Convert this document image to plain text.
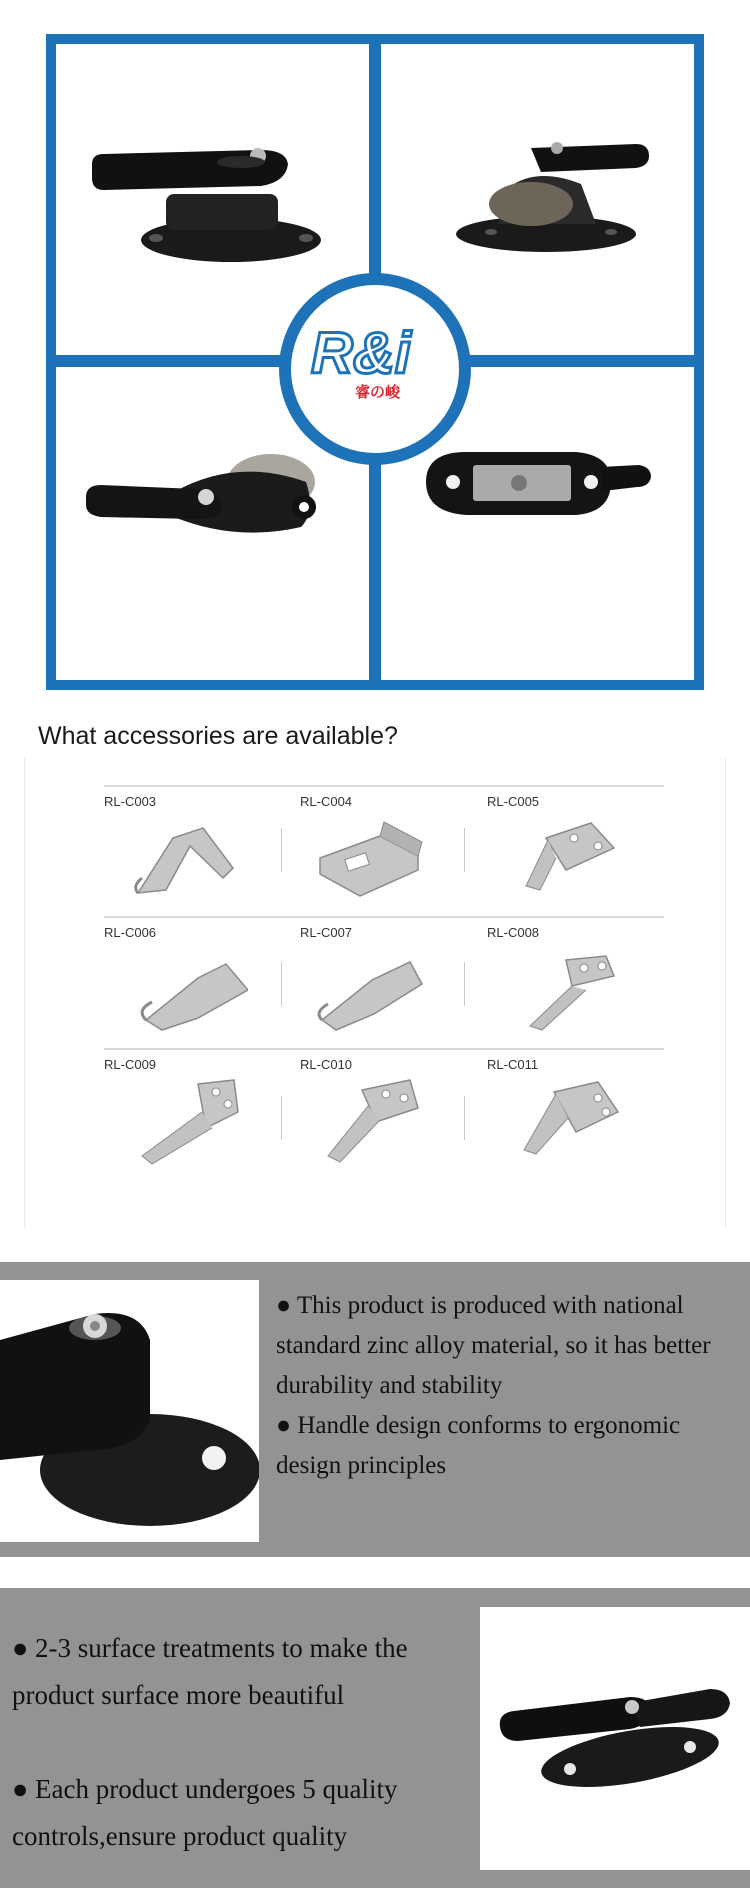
R&i
睿の峻
What accessories are available?
RL-C003	RL-C004	RL-C005
RL-C006	RL-C007	RL-C008
RL-C009	RL-C010	RL-C011

● This product is produced with national standard zinc alloy material, so it has better durability and stability

● Handle design conforms to ergonomic design principles

● 2-3 surface treatments to make the product surface more beautiful

● Each product undergoes 5 quality controls,ensure product quality
